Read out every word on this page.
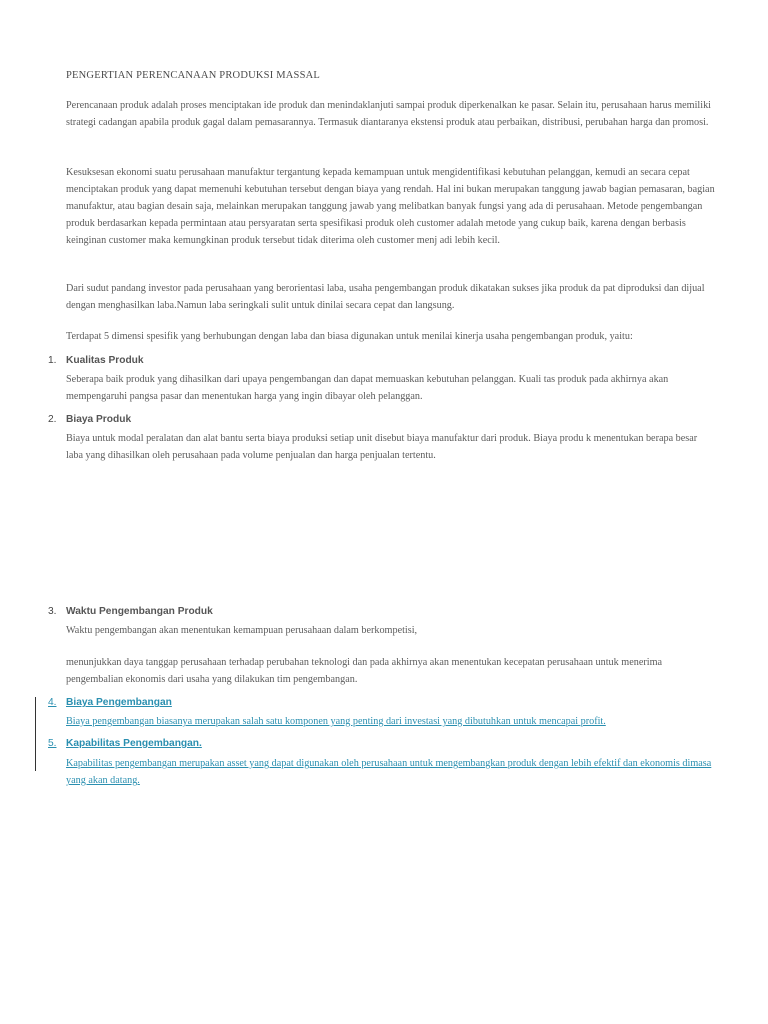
PENGERTIAN PERENCANAAN PRODUKSI MASSAL
Perencanaan produk adalah proses menciptakan ide produk dan menindaklanjuti sampai produk diperkenalkan ke pasar. Selain itu, perusahaan harus memiliki strategi cadangan apabila produk gagal dalam pemasarannya. Termasuk diantaranya ekstensi produk atau perbaikan, distribusi, perubahan harga dan promosi.
Kesuksesan ekonomi suatu perusahaan manufaktur tergantung kepada kemampuan untuk mengidentifikasi kebutuhan pelanggan, kemudi an secara cepat menciptakan produk yang dapat memenuhi kebutuhan tersebut dengan biaya yang rendah. Hal ini bukan merupakan tanggung jawab bagian pemasaran, bagian manufaktur, atau bagian desain saja, melainkan merupakan tanggung jawab yang melibatkan banyak fungsi yang ada di perusahaan. Metode pengembangan produk berdasarkan kepada permintaan atau persyaratan serta spesifikasi produk oleh customer adalah metode yang cukup baik, karena dengan berbasis keinginan customer maka kemungkinan produk tersebut tidak diterima oleh customer menj adi lebih kecil.
Dari sudut pandang investor pada perusahaan yang berorientasi laba, usaha pengembangan produk dikatakan sukses jika produk da pat diproduksi dan dijual dengan menghasilkan laba.Namun laba seringkali sulit untuk dinilai secara cepat dan langsung.
Terdapat 5 dimensi spesifik yang berhubungan dengan laba dan biasa digunakan untuk menilai kinerja usaha pengembangan produk, yaitu:
1. Kualitas Produk
Seberapa baik produk yang dihasilkan dari upaya pengembangan dan dapat memuaskan kebutuhan pelanggan. Kuali tas produk pada akhirnya akan mempengaruhi pangsa pasar dan menentukan harga yang ingin dibayar oleh pelanggan.
2. Biaya Produk
Biaya untuk modal peralatan dan alat bantu serta biaya produksi setiap unit disebut biaya manufaktur dari produk. Biaya produ k menentukan berapa besar laba yang dihasilkan oleh perusahaan pada volume penjualan dan harga penjualan tertentu.
3. Waktu Pengembangan Produk
Waktu pengembangan akan menentukan kemampuan perusahaan dalam berkompetisi,
menunjukkan daya tanggap perusahaan terhadap perubahan teknologi dan pada akhirnya akan menentukan kecepatan perusahaan untuk menerima pengembalian ekonomis dari usaha yang dilakukan tim pengembangan.
4. Biaya Pengembangan
Biaya pengembangan biasanya merupakan salah satu komponen yang penting dari investasi yang dibutuhkan untuk mencapai profit.
5. Kapabilitas Pengembangan.
Kapabilitas pengembangan merupakan asset yang dapat digunakan oleh perusahaan untuk mengembangkan produk dengan lebih efektif dan ekonomis dimasa yang akan datang.
